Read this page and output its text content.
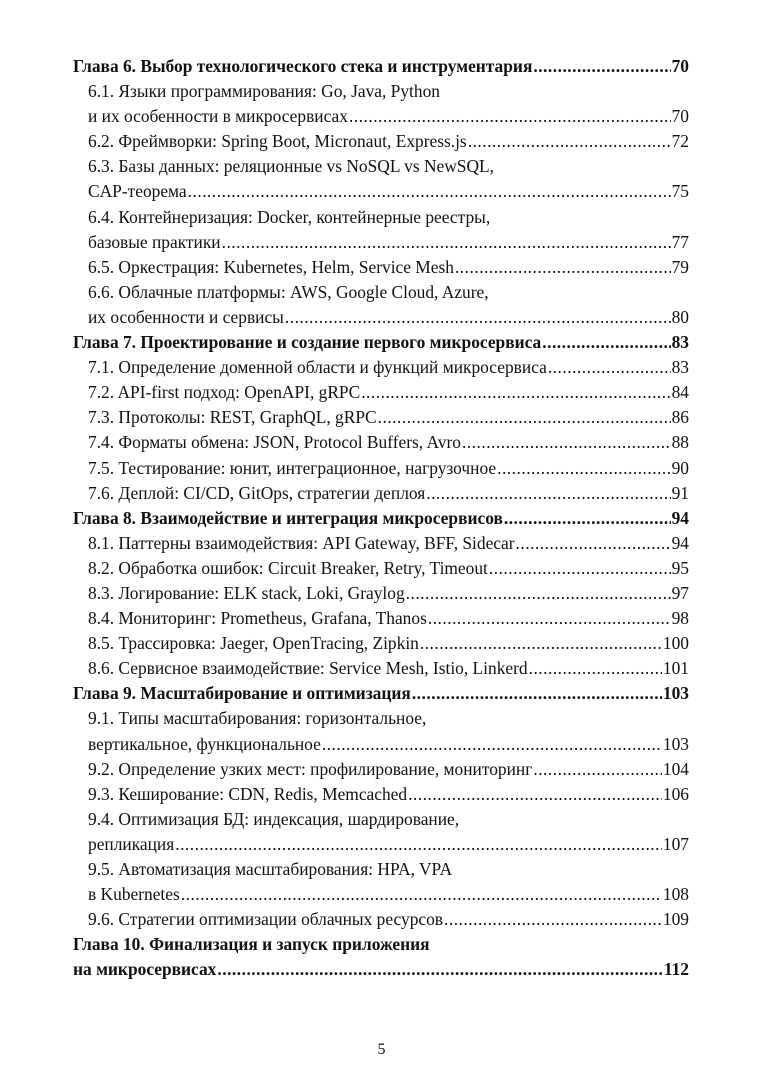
Глава 6. Выбор технологического стека и инструментария .....	70
6.1. Языки программирования: Go, Java, Python
и их особенности в микросервисах .....	70
6.2. Фреймворки: Spring Boot, Micronaut, Express.js .....	72
6.3. Базы данных: реляционные vs NoSQL vs NewSQL,
CAP-теорема .....	75
6.4. Контейнеризация: Docker, контейнерные реестры,
базовые практики .....	77
6.5. Оркестрация: Kubernetes, Helm, Service Mesh .....	79
6.6. Облачные платформы: AWS, Google Cloud, Azure,
их особенности и сервисы .....	80
Глава 7. Проектирование и создание первого микросервиса .....	83
7.1. Определение доменной области и функций микросервиса .....	83
7.2. API-first подход: OpenAPI, gRPC .....	84
7.3. Протоколы: REST, GraphQL, gRPC .....	86
7.4. Форматы обмена: JSON, Protocol Buffers, Avro .....	88
7.5. Тестирование: юнит, интеграционное, нагрузочное .....	90
7.6. Деплой: CI/CD, GitOps, стратегии деплоя .....	91
Глава 8. Взаимодействие и интеграция микросервисов .....	94
8.1. Паттерны взаимодействия: API Gateway, BFF, Sidecar .....	94
8.2. Обработка ошибок: Circuit Breaker, Retry, Timeout .....	95
8.3. Логирование: ELK stack, Loki, Graylog .....	97
8.4. Мониторинг: Prometheus, Grafana, Thanos .....	98
8.5. Трассировка: Jaeger, OpenTracing, Zipkin .....	100
8.6. Сервисное взаимодействие: Service Mesh, Istio, Linkerd .....	101
Глава 9. Масштабирование и оптимизация .....	103
9.1. Типы масштабирования: горизонтальное,
вертикальное, функциональное .....	103
9.2. Определение узких мест: профилирование, мониторинг .....	104
9.3. Кеширование: CDN, Redis, Memcached .....	106
9.4. Оптимизация БД: индексация, шардирование,
репликация .....	107
9.5. Автоматизация масштабирования: HPA, VPA
в Kubernetes .....	108
9.6. Стратегии оптимизации облачных ресурсов .....	109
Глава 10. Финализация и запуск приложения
на микросервисах .....	112
5
